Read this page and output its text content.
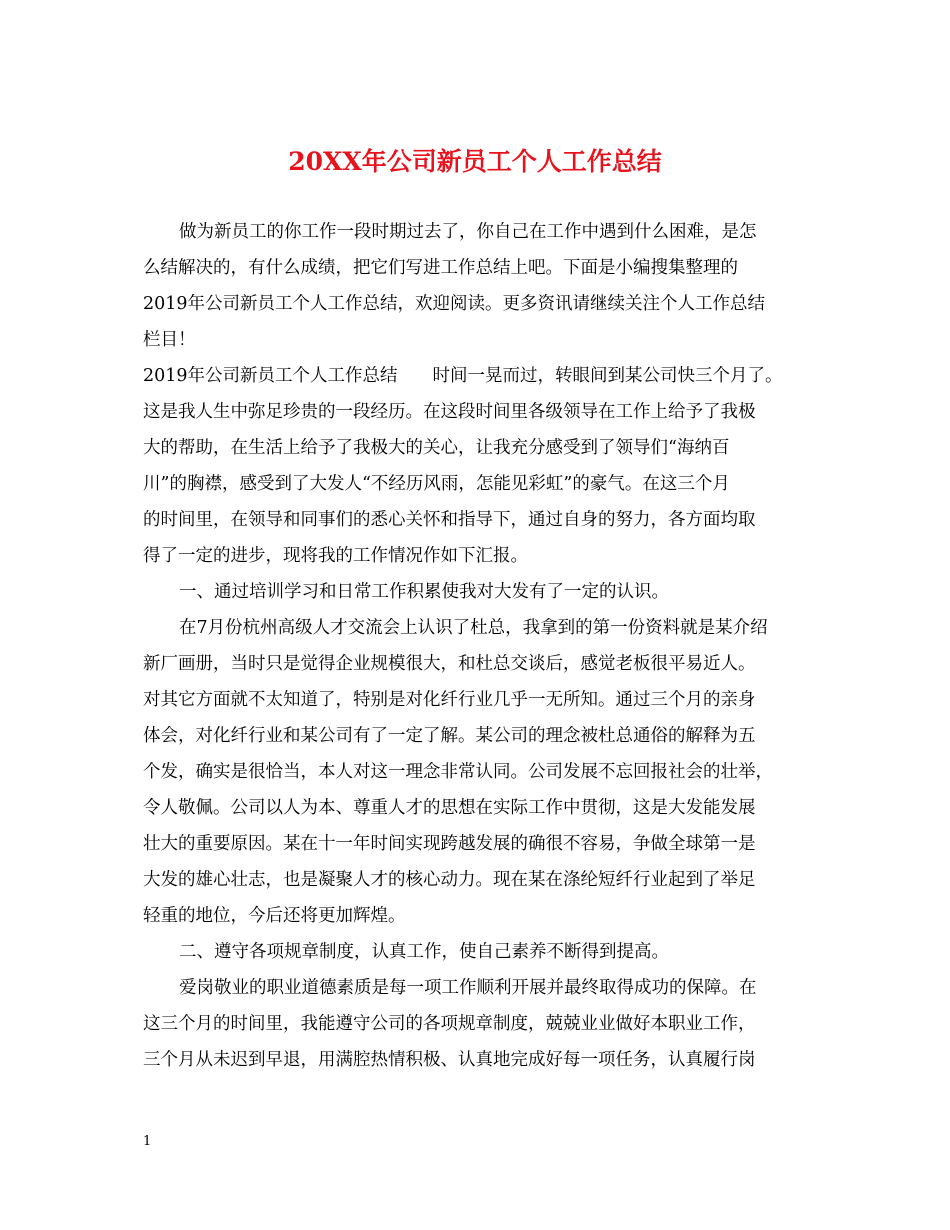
20XX年公司新员工个人工作总结
做为新员工的你工作一段时期过去了，你自己在工作中遇到什么困难，是怎
么结解决的，有什么成绩，把它们写进工作总结上吧。下面是小编搜集整理的
2019年公司新员工个人工作总结，欢迎阅读。更多资讯请继续关注个人工作总结
栏目！
2019年公司新员工个人工作总结　　时间一晃而过，转眼间到某公司快三个月了。
这是我人生中弥足珍贵的一段经历。在这段时间里各级领导在工作上给予了我极
大的帮助，在生活上给予了我极大的关心，让我充分感受到了领导们“海纳百
川”的胸襟，感受到了大发人“不经历风雨，怎能见彩虹”的豪气。在这三个月
的时间里，在领导和同事们的悉心关怀和指导下，通过自身的努力，各方面均取
得了一定的进步，现将我的工作情况作如下汇报。
一、通过培训学习和日常工作积累使我对大发有了一定的认识。
在7月份杭州高级人才交流会上认识了杜总，我拿到的第一份资料就是某介绍
新厂画册，当时只是觉得企业规模很大，和杜总交谈后，感觉老板很平易近人。
对其它方面就不太知道了，特别是对化纤行业几乎一无所知。通过三个月的亲身
体会，对化纤行业和某公司有了一定了解。某公司的理念被杜总通俗的解释为五
个发，确实是很恰当，本人对这一理念非常认同。公司发展不忘回报社会的壮举，
令人敬佩。公司以人为本、尊重人才的思想在实际工作中贯彻，这是大发能发展
壮大的重要原因。某在十一年时间实现跨越发展的确很不容易，争做全球第一是
大发的雄心壮志，也是凝聚人才的核心动力。现在某在涤纶短纤行业起到了举足
轻重的地位，今后还将更加辉煌。
二、遵守各项规章制度，认真工作，使自己素养不断得到提高。
爱岗敬业的职业道德素质是每一项工作顺利开展并最终取得成功的保障。在
这三个月的时间里，我能遵守公司的各项规章制度，兢兢业业做好本职业工作，
三个月从未迟到早退，用满腔热情积极、认真地完成好每一项任务，认真履行岗
1
